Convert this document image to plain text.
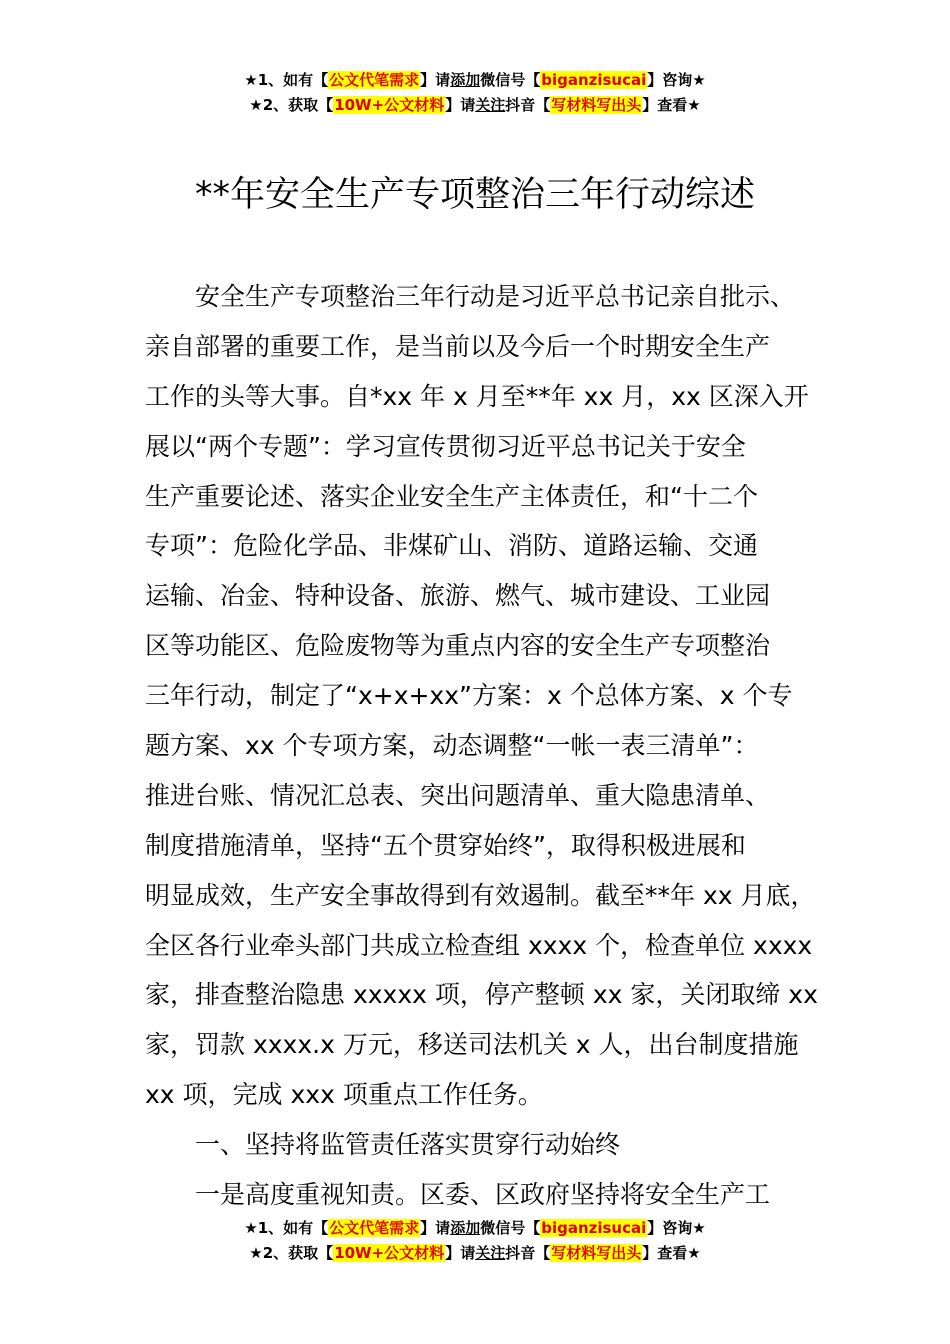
★1、如有【公文代笔需求】请添加微信号【biganzisucai】咨询★
★2、获取【10W+公文材料】请关注抖音【写材料写出头】查看★
**年安全生产专项整治三年行动综述
安全生产专项整治三年行动是习近平总书记亲自批示、
亲自部署的重要工作，是当前以及今后一个时期安全生产
工作的头等大事。自*xx 年 x 月至**年 xx 月，xx 区深入开
展以“两个专题”：学习宣传贯彻习近平总书记关于安全
生产重要论述、落实企业安全生产主体责任，和“十二个
专项”：危险化学品、非煤矿山、消防、道路运输、交通
运输、冶金、特种设备、旅游、燃气、城市建设、工业园
区等功能区、危险废物等为重点内容的安全生产专项整治
三年行动，制定了“x+x+xx”方案：x 个总体方案、x 个专
题方案、xx 个专项方案，动态调整“一帐一表三清单”：
推进台账、情况汇总表、突出问题清单、重大隐患清单、
制度措施清单，坚持“五个贯穿始终”，取得积极进展和
明显成效，生产安全事故得到有效遏制。截至**年 xx 月底，
全区各行业牵头部门共成立检查组 xxxx 个，检查单位 xxxx
家，排查整治隐患 xxxxx 项，停产整顿 xx 家，关闭取缔 xx
家，罚款 xxxx.x 万元，移送司法机关 x 人，出台制度措施
xx 项，完成 xxx 项重点工作任务。
一、坚持将监管责任落实贯穿行动始终
一是高度重视知责。区委、区政府坚持将安全生产工
★1、如有【公文代笔需求】请添加微信号【biganzisucai】咨询★
★2、获取【10W+公文材料】请关注抖音【写材料写出头】查看★
